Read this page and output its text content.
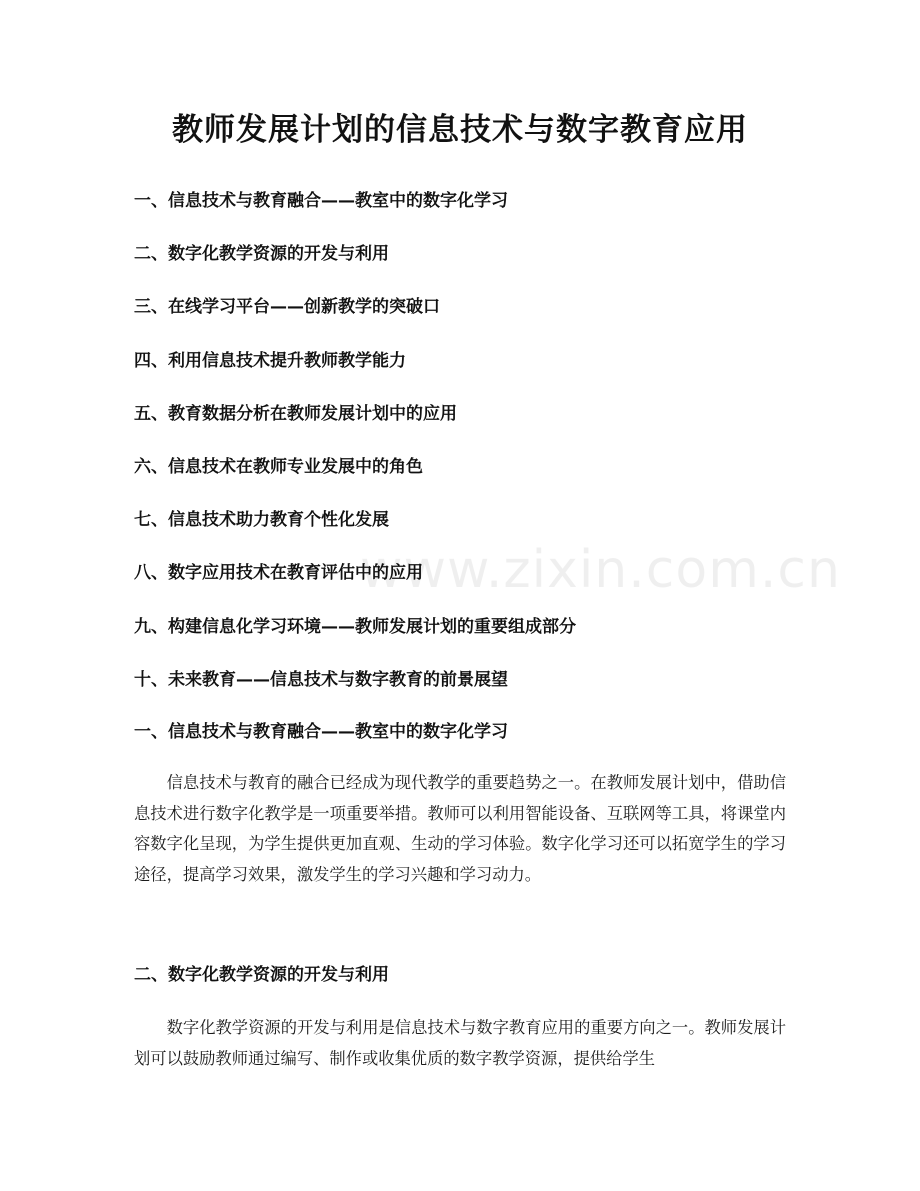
教师发展计划的信息技术与数字教育应用
一、信息技术与教育融合——教室中的数字化学习
二、数字化教学资源的开发与利用
三、在线学习平台——创新教学的突破口
四、利用信息技术提升教师教学能力
五、教育数据分析在教师发展计划中的应用
六、信息技术在教师专业发展中的角色
七、信息技术助力教育个性化发展
八、数字应用技术在教育评估中的应用
九、构建信息化学习环境——教师发展计划的重要组成部分
十、未来教育——信息技术与数字教育的前景展望
一、信息技术与教育融合——教室中的数字化学习

信息技术与教育的融合已经成为现代教学的重要趋势之一。在教师发展计划中，借助信息技术进行数字化教学是一项重要举措。教师可以利用智能设备、互联网等工具，将课堂内容数字化呈现，为学生提供更加直观、生动的学习体验。数字化学习还可以拓宽学生的学习途径，提高学习效果，激发学生的学习兴趣和学习动力。

二、数字化教学资源的开发与利用

数字化教学资源的开发与利用是信息技术与数字教育应用的重要方向之一。教师发展计划可以鼓励教师通过编写、制作或收集优质的数字教学资源，提供给学生

www.zixin.com.cn
